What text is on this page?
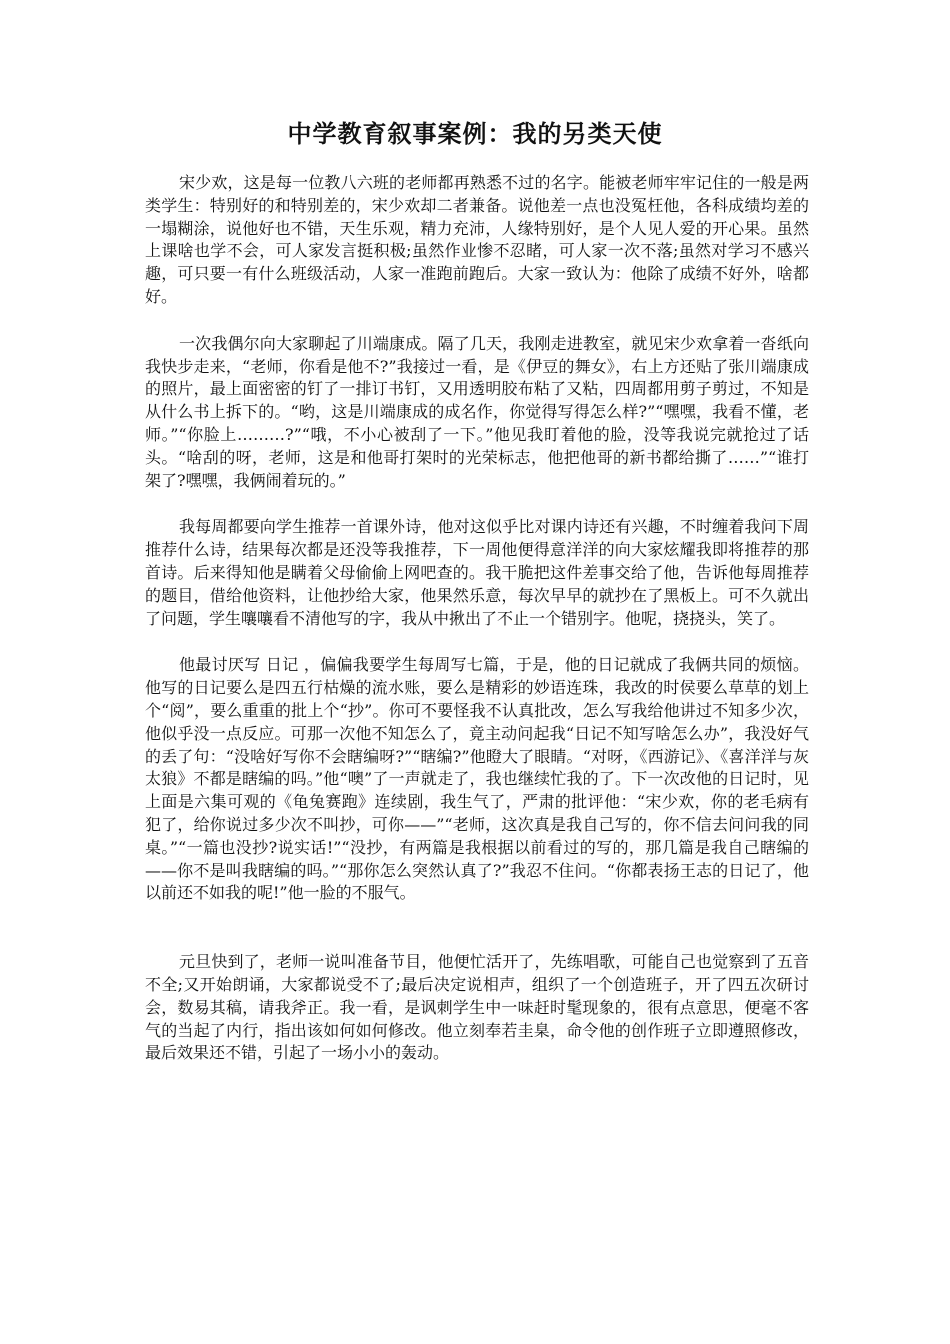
中学教育叙事案例：我的另类天使

宋少欢，这是每一位教八六班的老师都再熟悉不过的名字。能被老师牢牢记住的一般是两类学生：特别好的和特别差的，宋少欢却二者兼备。说他差一点也没冤枉他，各科成绩均差的一塌糊涂，说他好也不错，天生乐观，精力充沛，人缘特别好，是个人见人爱的开心果。虽然上课啥也学不会，可人家发言挺积极;虽然作业惨不忍睹，可人家一次不落;虽然对学习不感兴趣，可只要一有什么班级活动，人家一准跑前跑后。大家一致认为：他除了成绩不好外，啥都好。

一次我偶尔向大家聊起了川端康成。隔了几天，我刚走进教室，就见宋少欢拿着一沓纸向我快步走来，“老师，你看是他不?”我接过一看，是《伊豆的舞女》，右上方还贴了张川端康成的照片，最上面密密的钉了一排订书钉，又用透明胶布粘了又粘，四周都用剪子剪过，不知是从什么书上拆下的。“哟，这是川端康成的成名作，你觉得写得怎么样?”“嘿嘿，我看不懂，老师。”“你脸上………?”“哦，不小心被刮了一下。”他见我盯着他的脸，没等我说完就抢过了话头。“啥刮的呀，老师，这是和他哥打架时的光荣标志，他把他哥的新书都给撕了……”“谁打架了?嘿嘿，我俩闹着玩的。”

我每周都要向学生推荐一首课外诗，他对这似乎比对课内诗还有兴趣，不时缠着我问下周推荐什么诗，结果每次都是还没等我推荐，下一周他便得意洋洋的向大家炫耀我即将推荐的那首诗。后来得知他是瞒着父母偷偷上网吧查的。我干脆把这件差事交给了他，告诉他每周推荐的题目，借给他资料，让他抄给大家，他果然乐意，每次早早的就抄在了黑板上。可不久就出了问题，学生嚷嚷看不清他写的字，我从中揪出了不止一个错别字。他呢，挠挠头，笑了。

他最讨厌写 日记 ，偏偏我要学生每周写七篇，于是，他的日记就成了我俩共同的烦恼。他写的日记要么是四五行枯燥的流水账，要么是精彩的妙语连珠，我改的时侯要么草草的划上个“阅”，要么重重的批上个“抄”。你可不要怪我不认真批改，怎么写我给他讲过不知多少次，他似乎没一点反应。可那一次他不知怎么了，竟主动问起我“日记不知写啥怎么办”，我没好气的丢了句：“没啥好写你不会瞎编呀?”“瞎编?”他瞪大了眼睛。“对呀，《西游记》、《喜洋洋与灰太狼》不都是瞎编的吗。”他“噢”了一声就走了，我也继续忙我的了。下一次改他的日记时，见上面是六集可观的《龟兔赛跑》连续剧，我生气了，严肃的批评他：“宋少欢，你的老毛病有犯了，给你说过多少次不叫抄，可你——”“老师，这次真是我自己写的，你不信去问问我的同桌。”“一篇也没抄?说实话!”“没抄，有两篇是我根据以前看过的写的，那几篇是我自己瞎编的——你不是叫我瞎编的吗。”“那你怎么突然认真了?”我忍不住问。“你都表扬王志的日记了，他以前还不如我的呢!”他一脸的不服气。

元旦快到了，老师一说叫准备节目，他便忙活开了，先练唱歌，可能自己也觉察到了五音不全;又开始朗诵，大家都说受不了;最后决定说相声，组织了一个创造班子，开了四五次研讨会，数易其稿，请我斧正。我一看，是讽刺学生中一味赶时髦现象的，很有点意思，便毫不客气的当起了内行，指出该如何如何修改。他立刻奉若圭臬，命令他的创作班子立即遵照修改，最后效果还不错，引起了一场小小的轰动。
